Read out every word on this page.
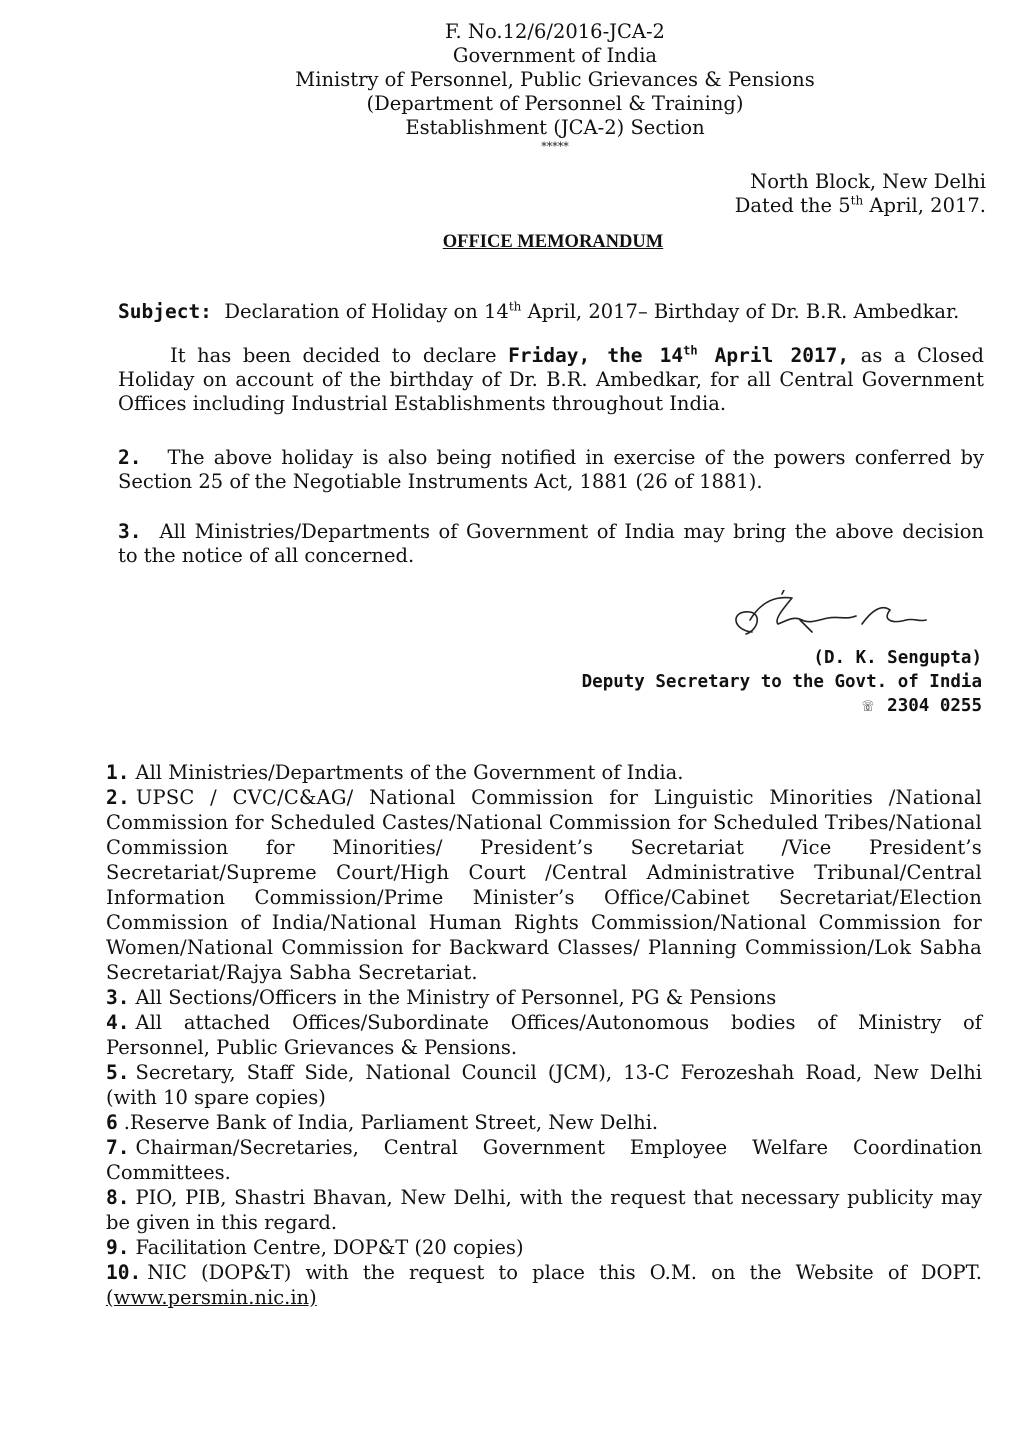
F. No.12/6/2016-JCA-2
Government of India
Ministry of Personnel, Public Grievances & Pensions
(Department of Personnel & Training)
Establishment (JCA-2) Section
*****
North Block, New Delhi
Dated the 5th April, 2017.
OFFICE MEMORANDUM
Subject: Declaration of Holiday on 14th April, 2017– Birthday of Dr. B.R. Ambedkar.
It has been decided to declare Friday, the 14th April 2017, as a Closed Holiday on account of the birthday of Dr. B.R. Ambedkar, for all Central Government Offices including Industrial Establishments throughout India.
2. The above holiday is also being notified in exercise of the powers conferred by Section 25 of the Negotiable Instruments Act, 1881 (26 of 1881).
3. All Ministries/Departments of Government of India may bring the above decision to the notice of all concerned.
(D. K. Sengupta)
Deputy Secretary to the Govt. of India
☏ 2304 0255
1. All Ministries/Departments of the Government of India.
2. UPSC / CVC/C&AG/ National Commission for Linguistic Minorities /National Commission for Scheduled Castes/National Commission for Scheduled Tribes/National Commission for Minorities/ President’s Secretariat /Vice President’s Secretariat/Supreme Court/High Court /Central Administrative Tribunal/Central Information Commission/Prime Minister’s Office/Cabinet Secretariat/Election Commission of India/National Human Rights Commission/National Commission for Women/National Commission for Backward Classes/ Planning Commission/Lok Sabha Secretariat/Rajya Sabha Secretariat.
3. All Sections/Officers in the Ministry of Personnel, PG & Pensions
4. All attached Offices/Subordinate Offices/Autonomous bodies of Ministry of Personnel, Public Grievances & Pensions.
5. Secretary, Staff Side, National Council (JCM), 13-C Ferozeshah Road, New Delhi (with 10 spare copies)
6 .Reserve Bank of India, Parliament Street, New Delhi.
7. Chairman/Secretaries, Central Government Employee Welfare Coordination Committees.
8. PIO, PIB, Shastri Bhavan, New Delhi, with the request that necessary publicity may be given in this regard.
9. Facilitation Centre, DOP&T (20 copies)
10. NIC (DOP&T) with the request to place this O.M. on the Website of DOPT.(www.persmin.nic.in)
